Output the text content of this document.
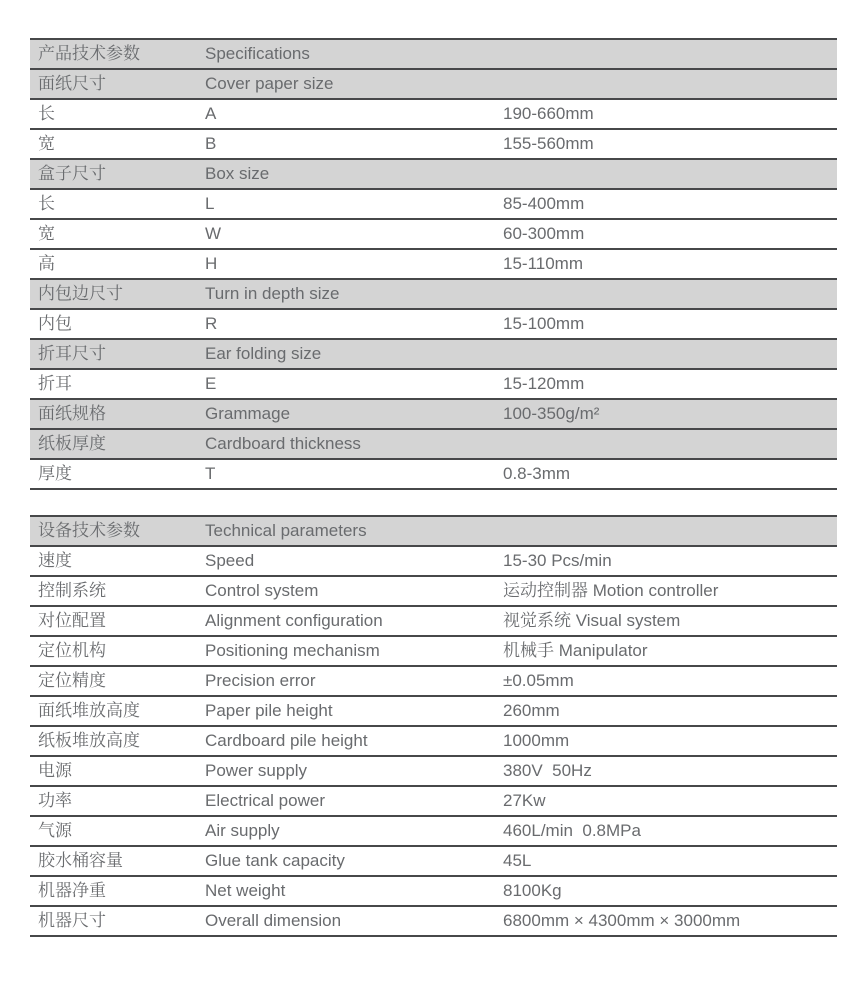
产品技术参数	Specifications
面纸尺寸	Cover paper size
长	A	190-660mm
宽	B	155-560mm
盒子尺寸	Box size
长	L	85-400mm
宽	W	60-300mm
高	H	15-110mm
内包边尺寸	Turn in depth size
内包	R	15-100mm
折耳尺寸	Ear folding size
折耳	E	15-120mm
面纸规格	Grammage	100-350g/m²
纸板厚度	Cardboard thickness
厚度	T	0.8-3mm
设备技术参数	Technical parameters
速度	Speed	15-30 Pcs/min
控制系统	Control system	运动控制器 Motion controller
对位配置	Alignment configuration	视觉系统 Visual system
定位机构	Positioning mechanism	机械手 Manipulator
定位精度	Precision error	±0.05mm
面纸堆放高度	Paper pile height	260mm
纸板堆放高度	Cardboard pile height	1000mm
电源	Power supply	380V  50Hz
功率	Electrical power	27Kw
气源	Air supply	460L/min  0.8MPa
胶水桶容量	Glue tank capacity	45L
机器净重	Net weight	8100Kg
机器尺寸	Overall dimension	6800mm × 4300mm × 3000mm
